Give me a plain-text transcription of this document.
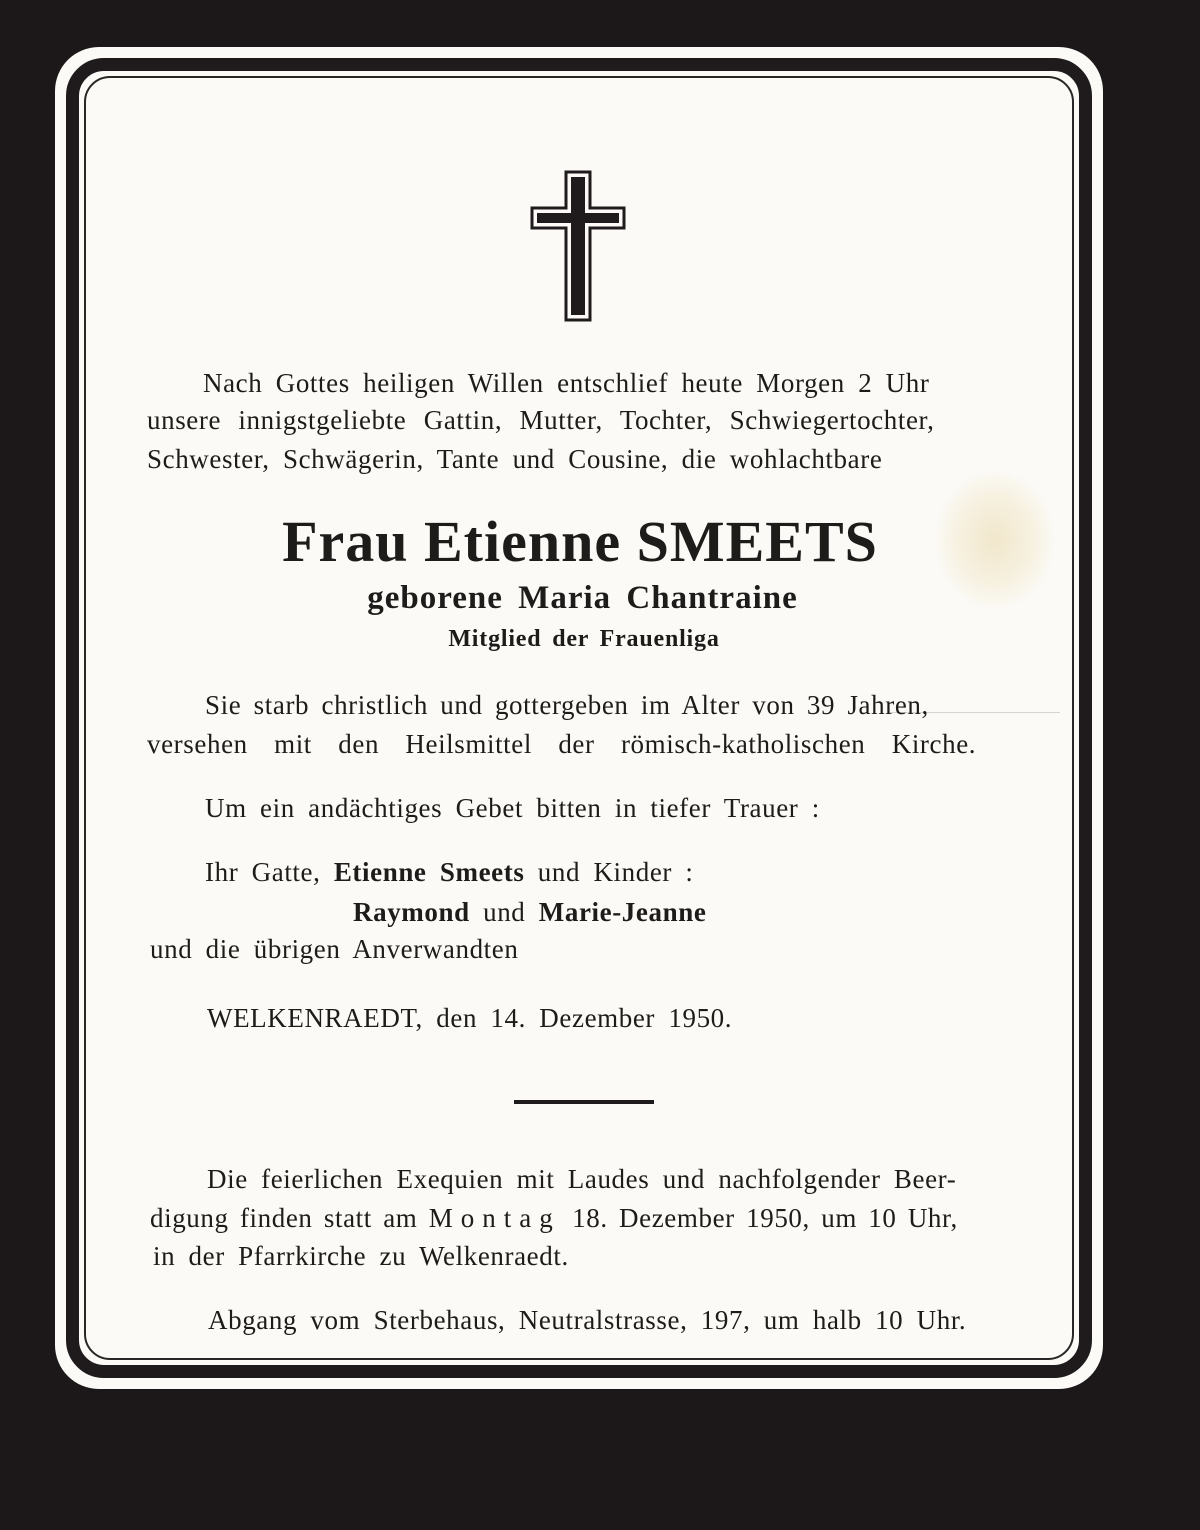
Nach Gottes heiligen Willen entschlief heute Morgen 2 Uhr
unsere innigstgeliebte Gattin, Mutter, Tochter, Schwiegertochter,
Schwester, Schwägerin, Tante und Cousine, die wohlachtbare
Frau Etienne SMEETS
geborene Maria Chantraine
Mitglied der Frauenliga
Sie starb christlich und gottergeben im Alter von 39 Jahren,
versehen mit den Heilsmittel der römisch-katholischen Kirche.
Um ein andächtiges Gebet bitten in tiefer Trauer :
Ihr Gatte, Etienne Smeets und Kinder :
Raymond und Marie-Jeanne
und die übrigen Anverwandten
WELKENRAEDT, den 14. Dezember 1950.
Die feierlichen Exequien mit Laudes und nachfolgender Beer-
digung finden statt am Montag 18. Dezember 1950, um 10 Uhr,
in der Pfarrkirche zu Welkenraedt.
Abgang vom Sterbehaus, Neutralstrasse, 197, um halb 10 Uhr.
